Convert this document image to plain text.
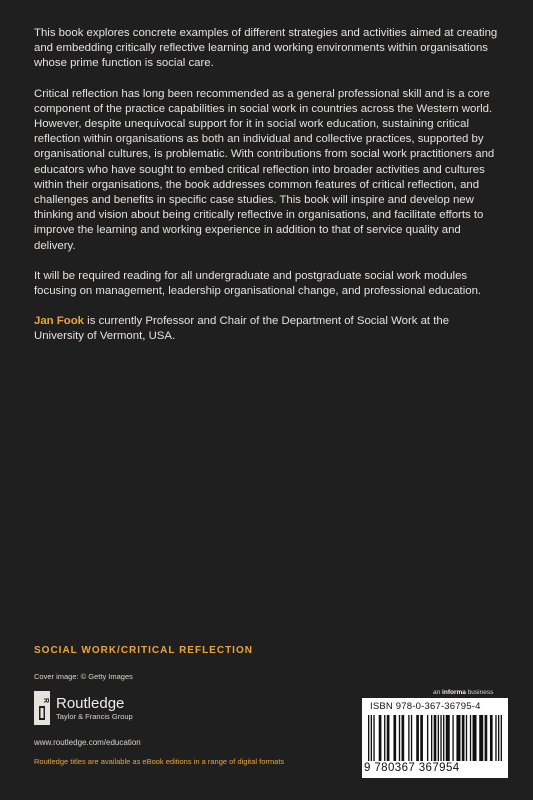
This book explores concrete examples of different strategies and activities aimed at creating and embedding critically reflective learning and working environments within organisations whose prime function is social care.

Critical reflection has long been recommended as a general professional skill and is a core component of the practice capabilities in social work in countries across the Western world. However, despite unequivocal support for it in social work education, sustaining critical reflection within organisations as both an individual and collective practices, supported by organisational cultures, is problematic. With contributions from social work practitioners and educators who have sought to embed critical reflection into broader activities and cultures within their organisations, the book addresses common features of critical reflection, and challenges and benefits in specific case studies. This book will inspire and develop new thinking and vision about being critically reflective in organisations, and facilitate efforts to improve the learning and working experience in addition to that of service quality and delivery.

It will be required reading for all undergraduate and postgraduate social work modules focusing on management, leadership organisational change, and professional education.

Jan Fook is currently Professor and Chair of the Department of Social Work at the University of Vermont, USA.

SOCIAL WORK/CRITICAL REFLECTION
Cover image: © Getty Images
R Routledge
Taylor & Francis Group
www.routledge.com/education
Routledge titles are available as eBook editions in a range of digital formats
an informa business
ISBN 978-0-367-36795-4
9 780367 367954
